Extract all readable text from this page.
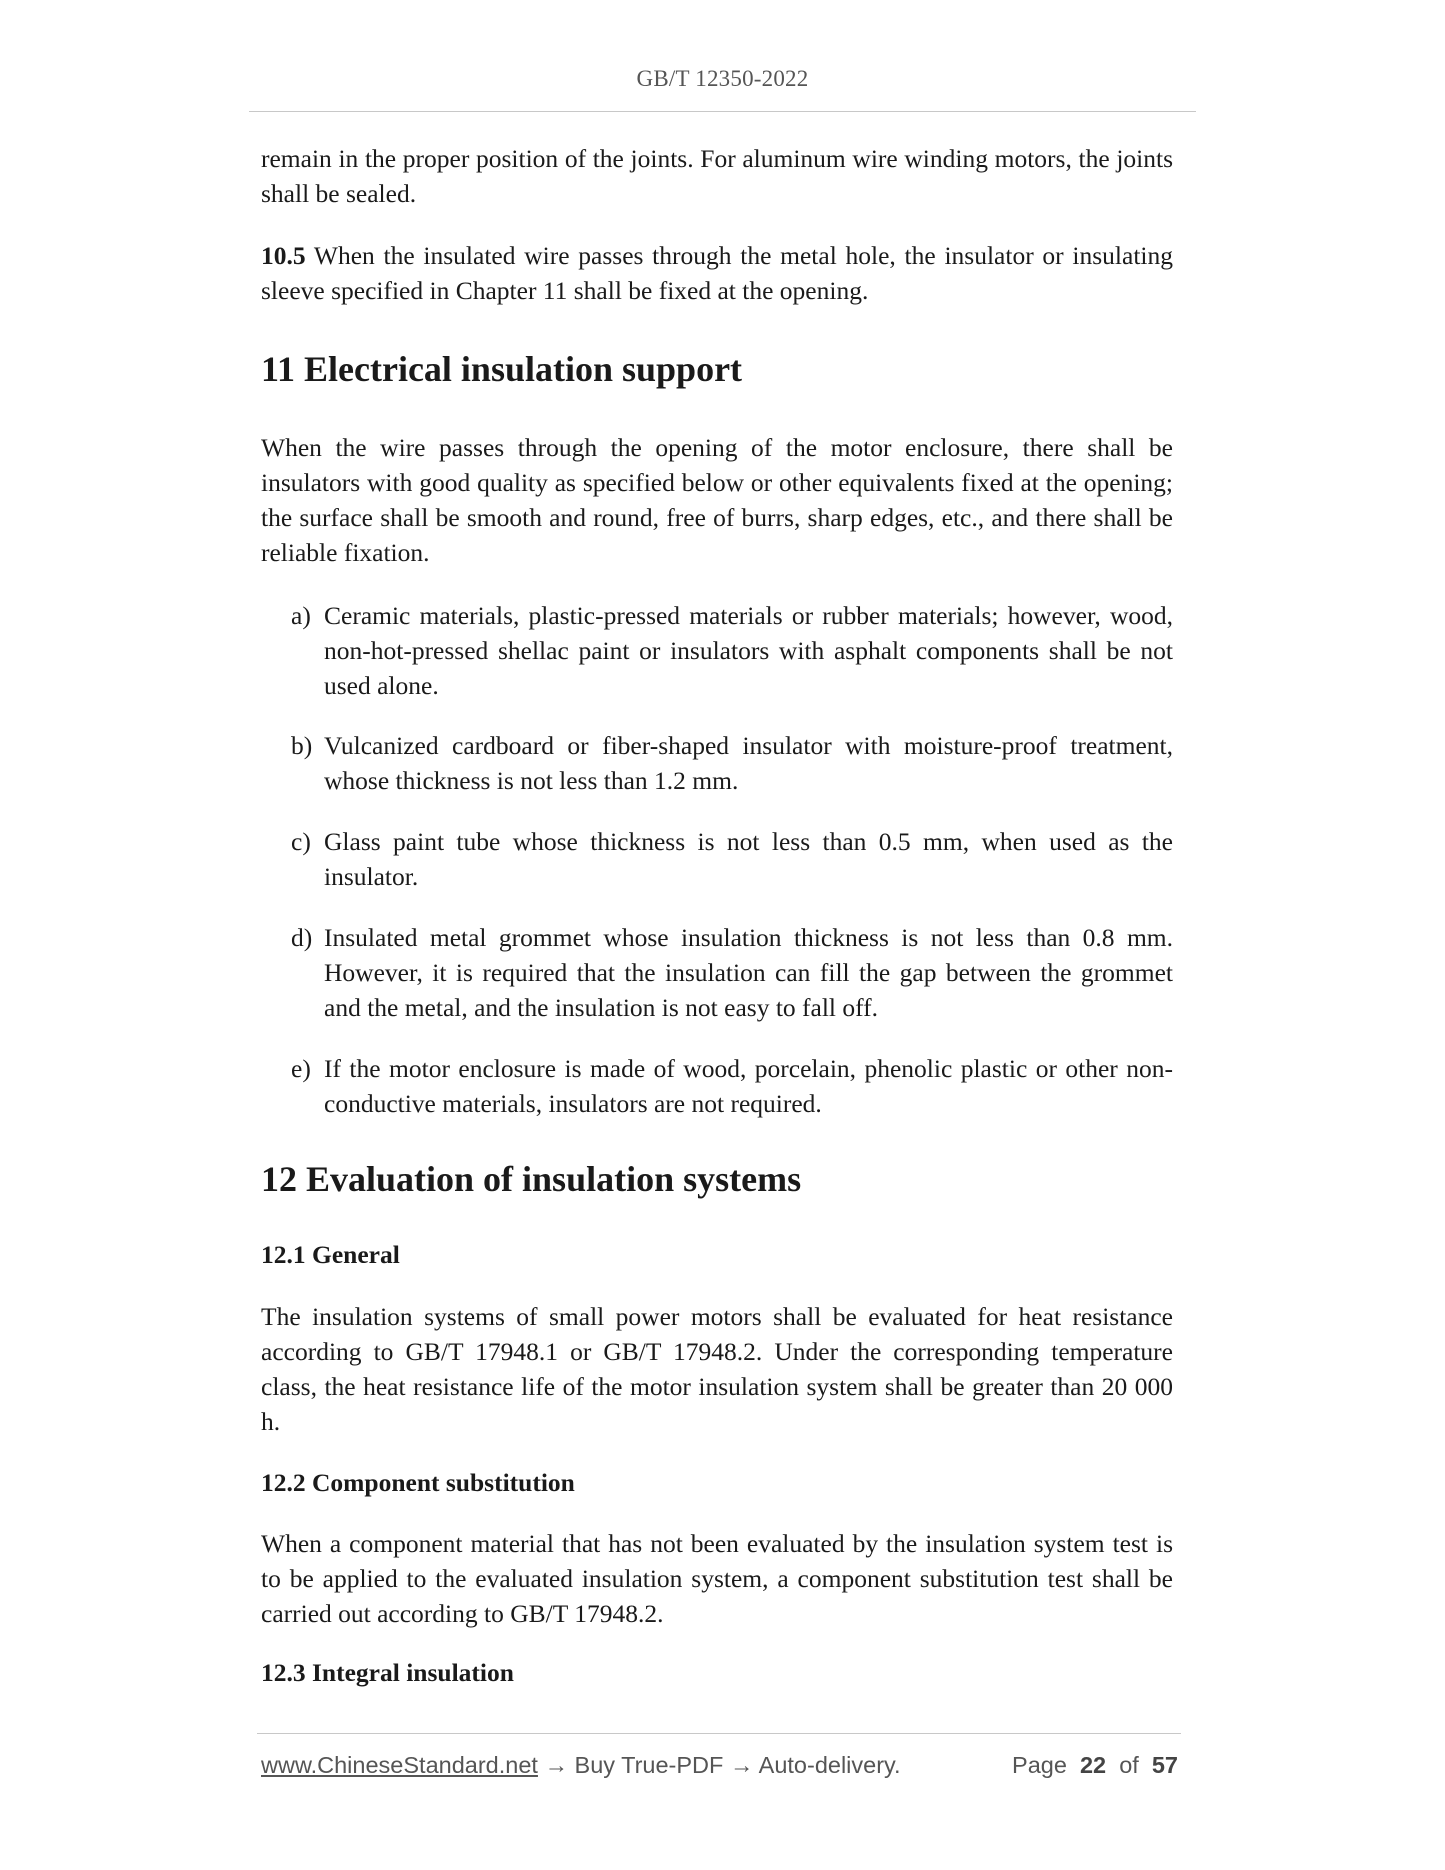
GB/T 12350-2022

remain in the proper position of the joints. For aluminum wire winding motors, the joints shall be sealed.

10.5 When the insulated wire passes through the metal hole, the insulator or insulating sleeve specified in Chapter 11 shall be fixed at the opening.

11 Electrical insulation support

When the wire passes through the opening of the motor enclosure, there shall be insulators with good quality as specified below or other equivalents fixed at the opening; the surface shall be smooth and round, free of burrs, sharp edges, etc., and there shall be reliable fixation.

a) Ceramic materials, plastic-pressed materials or rubber materials; however, wood, non-hot-pressed shellac paint or insulators with asphalt components shall be not used alone.
b) Vulcanized cardboard or fiber-shaped insulator with moisture-proof treatment, whose thickness is not less than 1.2 mm.
c) Glass paint tube whose thickness is not less than 0.5 mm, when used as the insulator.
d) Insulated metal grommet whose insulation thickness is not less than 0.8 mm. However, it is required that the insulation can fill the gap between the grommet and the metal, and the insulation is not easy to fall off.
e) If the motor enclosure is made of wood, porcelain, phenolic plastic or other non-conductive materials, insulators are not required.
12 Evaluation of insulation systems
12.1 General

The insulation systems of small power motors shall be evaluated for heat resistance according to GB/T 17948.1 or GB/T 17948.2. Under the corresponding temperature class, the heat resistance life of the motor insulation system shall be greater than 20 000 h.

12.2 Component substitution

When a component material that has not been evaluated by the insulation system test is to be applied to the evaluated insulation system, a component substitution test shall be carried out according to GB/T 17948.2.

12.3 Integral insulation
www.ChineseStandard.net → Buy True-PDF → Auto-delivery.	Page 22 of 57
